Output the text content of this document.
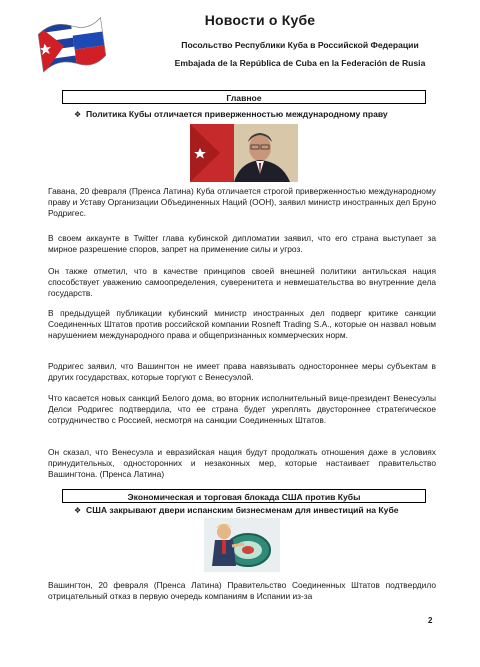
Новости о Кубе
Посольство Республики Куба в Российской Федерации
Embajada de la República de Cuba en la Federación de Rusia
Главное
❖ Политика Кубы отличается приверженностью международному праву
Гавана, 20 февраля (Пренса Латина) Куба отличается строгой приверженностью международному праву и Уставу Организации Объединенных Наций (ООН), заявил министр иностранных дел Бруно Родригес.
В своем аккаунте в Twitter глава кубинской дипломатии заявил, что его страна выступает за мирное разрешение споров, запрет на применение силы и угроз.
Он также отметил, что в качестве принципов своей внешней политики антильская нация способствует уважению самоопределения, суверенитета и невмешательства во внутренние дела государств.
В предыдущей публикации кубинский министр иностранных дел подверг критике санкции Соединенных Штатов против российской компании Rosneft Trading S.A., которые он назвал новым нарушением международного права и общепризнанных коммерческих норм.
Родригес заявил, что Вашингтон не имеет права навязывать одностороннее меры субъектам в других государствах, которые торгуют с Венесуэлой.
Что касается новых санкций Белого дома, во вторник исполнительный вице-президент Венесуэлы Делси Родригес подтвердила, что ее страна будет укреплять двустороннее стратегическое сотрудничество с Россией, несмотря на санкции Соединенных Штатов.
Он сказал, что Венесуэла и евразийская нация будут продолжать отношения даже в условиях принудительных, односторонних и незаконных мер, которые настаивает правительство Вашингтона. (Пренса Латина)
Экономическая и торговая блокада США против Кубы
❖ США закрывают двери испанским бизнесменам для инвестиций на Кубе
Вашингтон, 20 февраля (Пренса Латина) Правительство Соединенных Штатов подтвердило отрицательный отказ в первую очередь компаниям в Испании из-за
2
